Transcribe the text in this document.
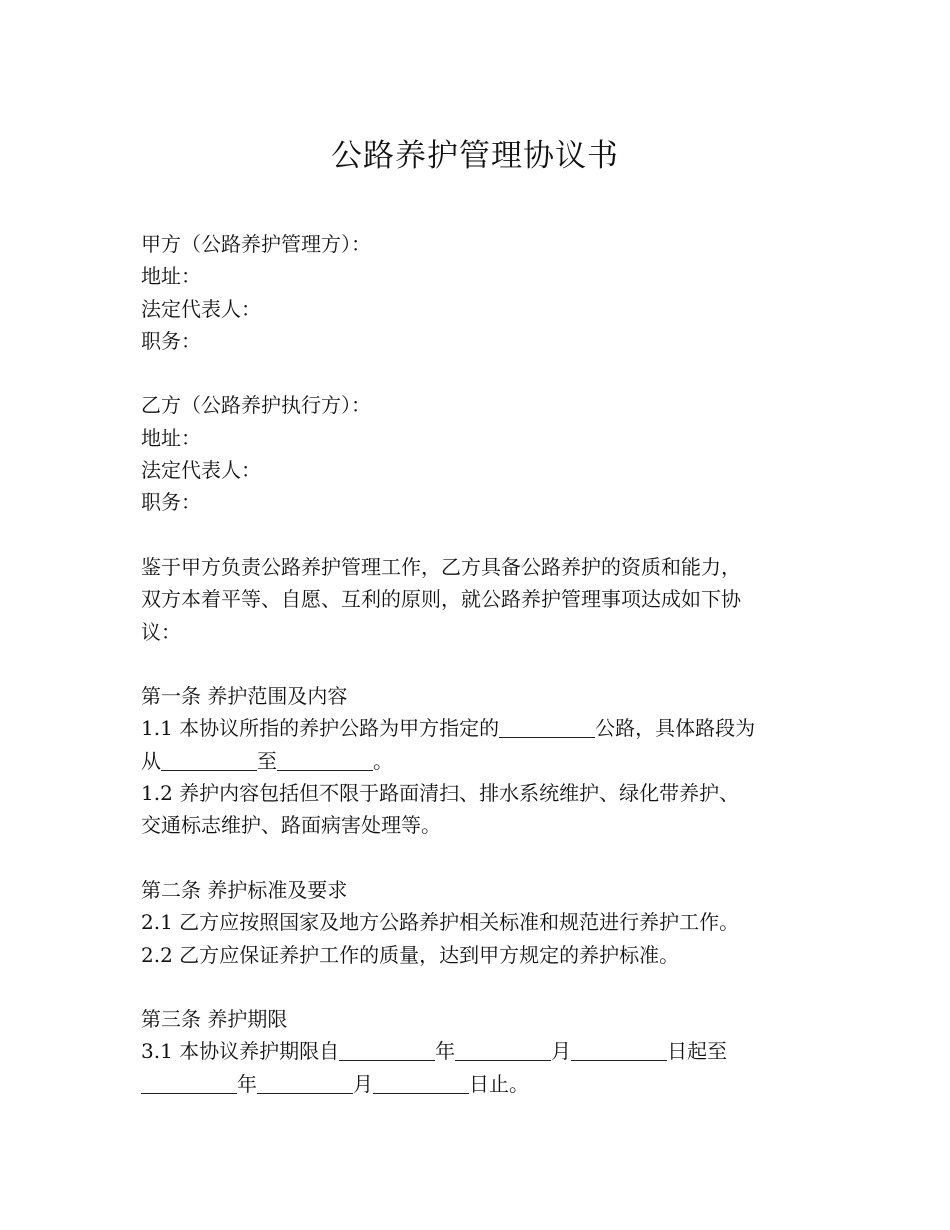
公路养护管理协议书
甲方（公路养护管理方）：
地址：
法定代表人：
职务：
乙方（公路养护执行方）：
地址：
法定代表人：
职务：
鉴于甲方负责公路养护管理工作，乙方具备公路养护的资质和能力，
双方本着平等、自愿、互利的原则，就公路养护管理事项达成如下协
议：
第一条 养护范围及内容
1.1 本协议所指的养护公路为甲方指定的	公路，具体路段为
从	至	。
1.2 养护内容包括但不限于路面清扫、排水系统维护、绿化带养护、
交通标志维护、路面病害处理等。
第二条 养护标准及要求
2.1 乙方应按照国家及地方公路养护相关标准和规范进行养护工作。
2.2 乙方应保证养护工作的质量，达到甲方规定的养护标准。
第三条 养护期限
3.1 本协议养护期限自	年	月	日起至
年	月	日止。
